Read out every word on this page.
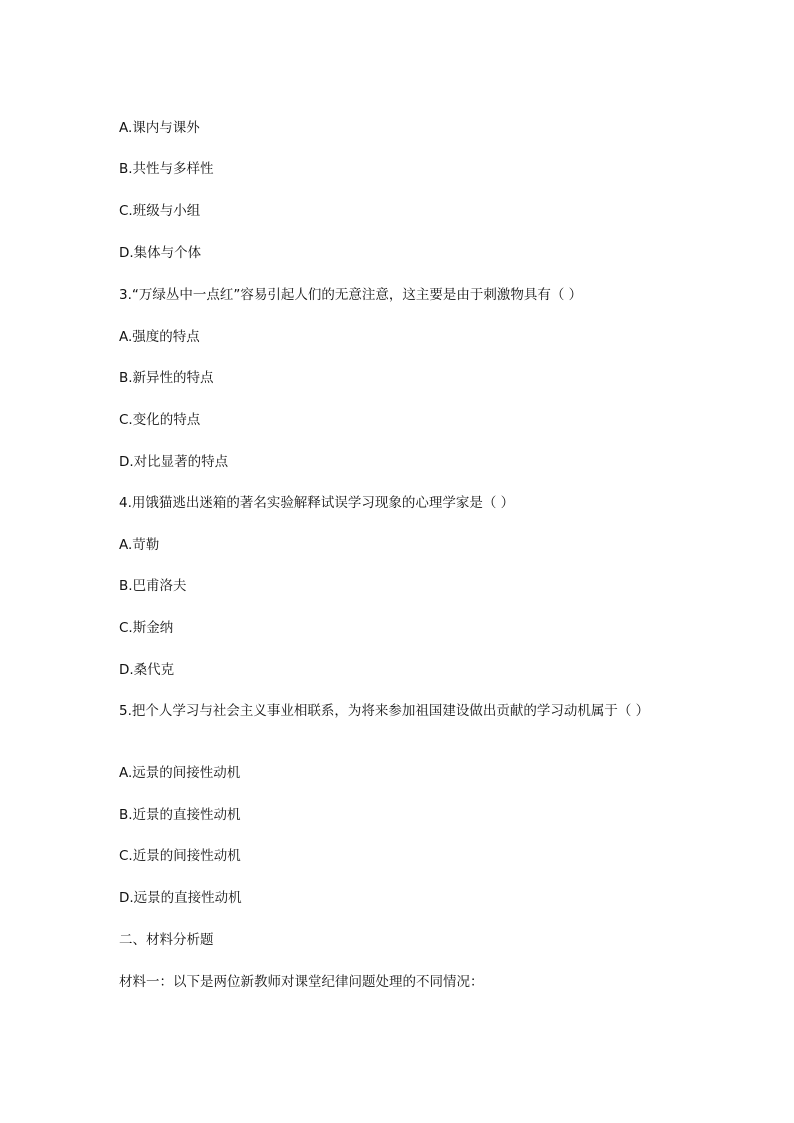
A.课内与课外
B.共性与多样性
C.班级与小组
D.集体与个体
3.“万绿丛中一点红”容易引起人们的无意注意，这主要是由于刺激物具有（ ）
A.强度的特点
B.新异性的特点
C.变化的特点
D.对比显著的特点
4.用饿猫逃出迷箱的著名实验解释试误学习现象的心理学家是（ ）
A.苛勒
B.巴甫洛夫
C.斯金纳
D.桑代克
5.把个人学习与社会主义事业相联系，为将来参加祖国建设做出贡献的学习动机属于（ ）
A.远景的间接性动机
B.近景的直接性动机
C.近景的间接性动机
D.远景的直接性动机
二、材料分析题
材料一：以下是两位新教师对课堂纪律问题处理的不同情况：
